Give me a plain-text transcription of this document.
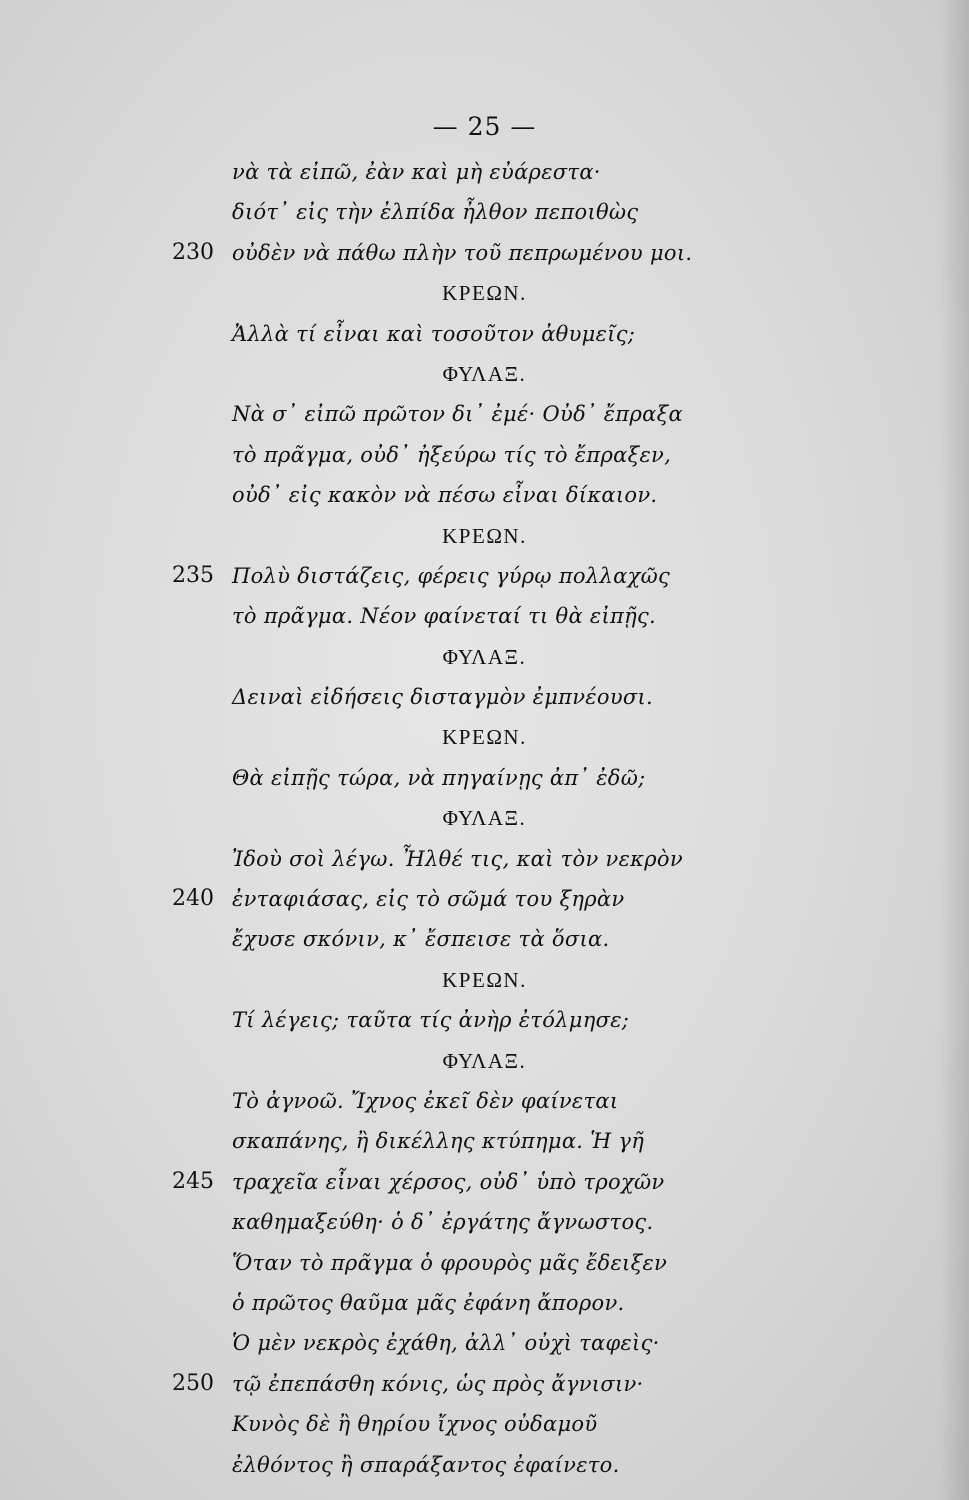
— 25 —
νὰ τὰ εἰπῶ, ἐὰν καὶ μὴ εὐάρεστα·
διότ᾽ εἰς τὴν ἐλπίδα ἦλθον πεποιθὼς
230 οὐδὲν νὰ πάθω πλὴν τοῦ πεπρωμένου μοι.
ΚΡΕΩΝ.
Ἀλλὰ τί εἶναι καὶ τοσοῦτον ἀθυμεῖς;
ΦΥΛΑΞ.
Νὰ σ᾽ εἰπῶ πρῶτον δι᾽ ἐμέ· Οὐδ᾽ ἔπραξα
τὸ πρᾶγμα, οὐδ᾽ ἠξεύρω τίς τὸ ἔπραξεν,
οὐδ᾽ εἰς κακὸν νὰ πέσω εἶναι δίκαιον.
ΚΡΕΩΝ.
235 Πολὺ διστάζεις, φέρεις γύρῳ πολλαχῶς
τὸ πρᾶγμα. Νέον φαίνεταί τι θὰ εἰπῇς.
ΦΥΛΑΞ.
Δειναὶ εἰδήσεις δισταγμὸν ἐμπνέουσι.
ΚΡΕΩΝ.
Θὰ εἰπῇς τώρα, νὰ πηγαίνῃς ἀπ᾽ ἐδῶ;
ΦΥΛΑΞ.
Ἰδοὺ σοὶ λέγω. Ἦλθέ τις, καὶ τὸν νεκρὸν
240 ἐνταφιάσας, εἰς τὸ σῶμά του ξηρὰν
ἔχυσε σκόνιν, κ᾽ ἔσπεισε τὰ ὅσια.
ΚΡΕΩΝ.
Τί λέγεις; ταῦτα τίς ἀνὴρ ἐτόλμησε;
ΦΥΛΑΞ.
Τὸ ἀγνοῶ. Ἴχνος ἐκεῖ δὲν φαίνεται
σκαπάνης, ἢ δικέλλης κτύπημα. Ἡ γῆ
245 τραχεῖα εἶναι χέρσος, οὐδ᾽ ὑπὸ τροχῶν
καθημαξεύθη· ὁ δ᾽ ἐργάτης ἄγνωστος.
Ὅταν τὸ πρᾶγμα ὁ φρουρὸς μᾶς ἔδειξεν
ὁ πρῶτος θαῦμα μᾶς ἐφάνη ἄπορον.
Ὁ μὲν νεκρὸς ἐχάθη, ἀλλ᾽ οὐχὶ ταφεὶς·
250 τῷ ἐπεπάσθη κόνις, ὡς πρὸς ἄγνισιν·
Κυνὸς δὲ ἢ θηρίου ἴχνος οὐδαμοῦ
ἐλθόντος ἢ σπαράξαντος ἐφαίνετο.
